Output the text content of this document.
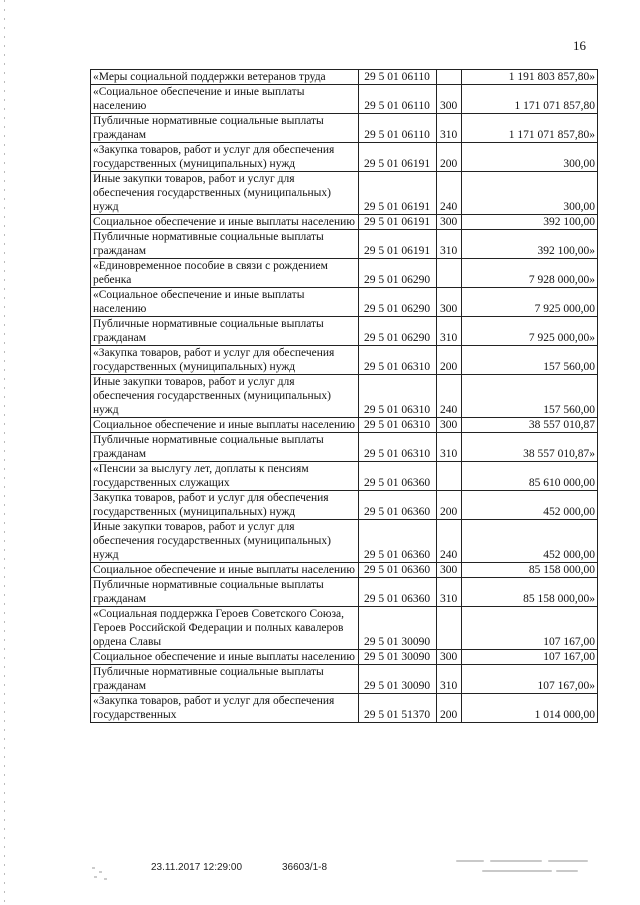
16
«Меры социальной поддержки ветеранов труда	29 5 01 06110		1 191 803 857,80»
«Социальное обеспечение и иные выплаты населению	29 5 01 06110	300	1 171 071 857,80
Публичные нормативные социальные выплаты гражданам	29 5 01 06110	310	1 171 071 857,80»
«Закупка товаров, работ и услуг для обеспечения государственных (муниципальных) нужд	29 5 01 06191	200	300,00
Иные закупки товаров, работ и услуг для обеспечения государственных (муниципальных) нужд	29 5 01 06191	240	300,00
Социальное обеспечение и иные выплаты населению	29 5 01 06191	300	392 100,00
Публичные нормативные социальные выплаты гражданам	29 5 01 06191	310	392 100,00»
«Единовременное пособие в связи с рождением ребенка	29 5 01 06290		7 928 000,00»
«Социальное обеспечение и иные выплаты населению	29 5 01 06290	300	7 925 000,00
Публичные нормативные социальные выплаты гражданам	29 5 01 06290	310	7 925 000,00»
«Закупка товаров, работ и услуг для обеспечения государственных (муниципальных) нужд	29 5 01 06310	200	157 560,00
Иные закупки товаров, работ и услуг для обеспечения государственных (муниципальных) нужд	29 5 01 06310	240	157 560,00
Социальное обеспечение и иные выплаты населению	29 5 01 06310	300	38 557 010,87
Публичные нормативные социальные выплаты гражданам	29 5 01 06310	310	38 557 010,87»
«Пенсии за выслугу лет, доплаты к пенсиям государственных служащих	29 5 01 06360		85 610 000,00
Закупка товаров, работ и услуг для обеспечения государственных (муниципальных) нужд	29 5 01 06360	200	452 000,00
Иные закупки товаров, работ и услуг для обеспечения государственных (муниципальных) нужд	29 5 01 06360	240	452 000,00
Социальное обеспечение и иные выплаты населению	29 5 01 06360	300	85 158 000,00
Публичные нормативные социальные выплаты гражданам	29 5 01 06360	310	85 158 000,00»
«Социальная поддержка Героев Советского Союза, Героев Российской Федерации и полных кавалеров ордена Славы	29 5 01 30090		107 167,00
Социальное обеспечение и иные выплаты населению	29 5 01 30090	300	107 167,00
Публичные нормативные социальные выплаты гражданам	29 5 01 30090	310	107 167,00»
«Закупка товаров, работ и услуг для обеспечения государственных	29 5 01 51370	200	1 014 000,00
23.11.2017 12:29:00	36603/1-8
